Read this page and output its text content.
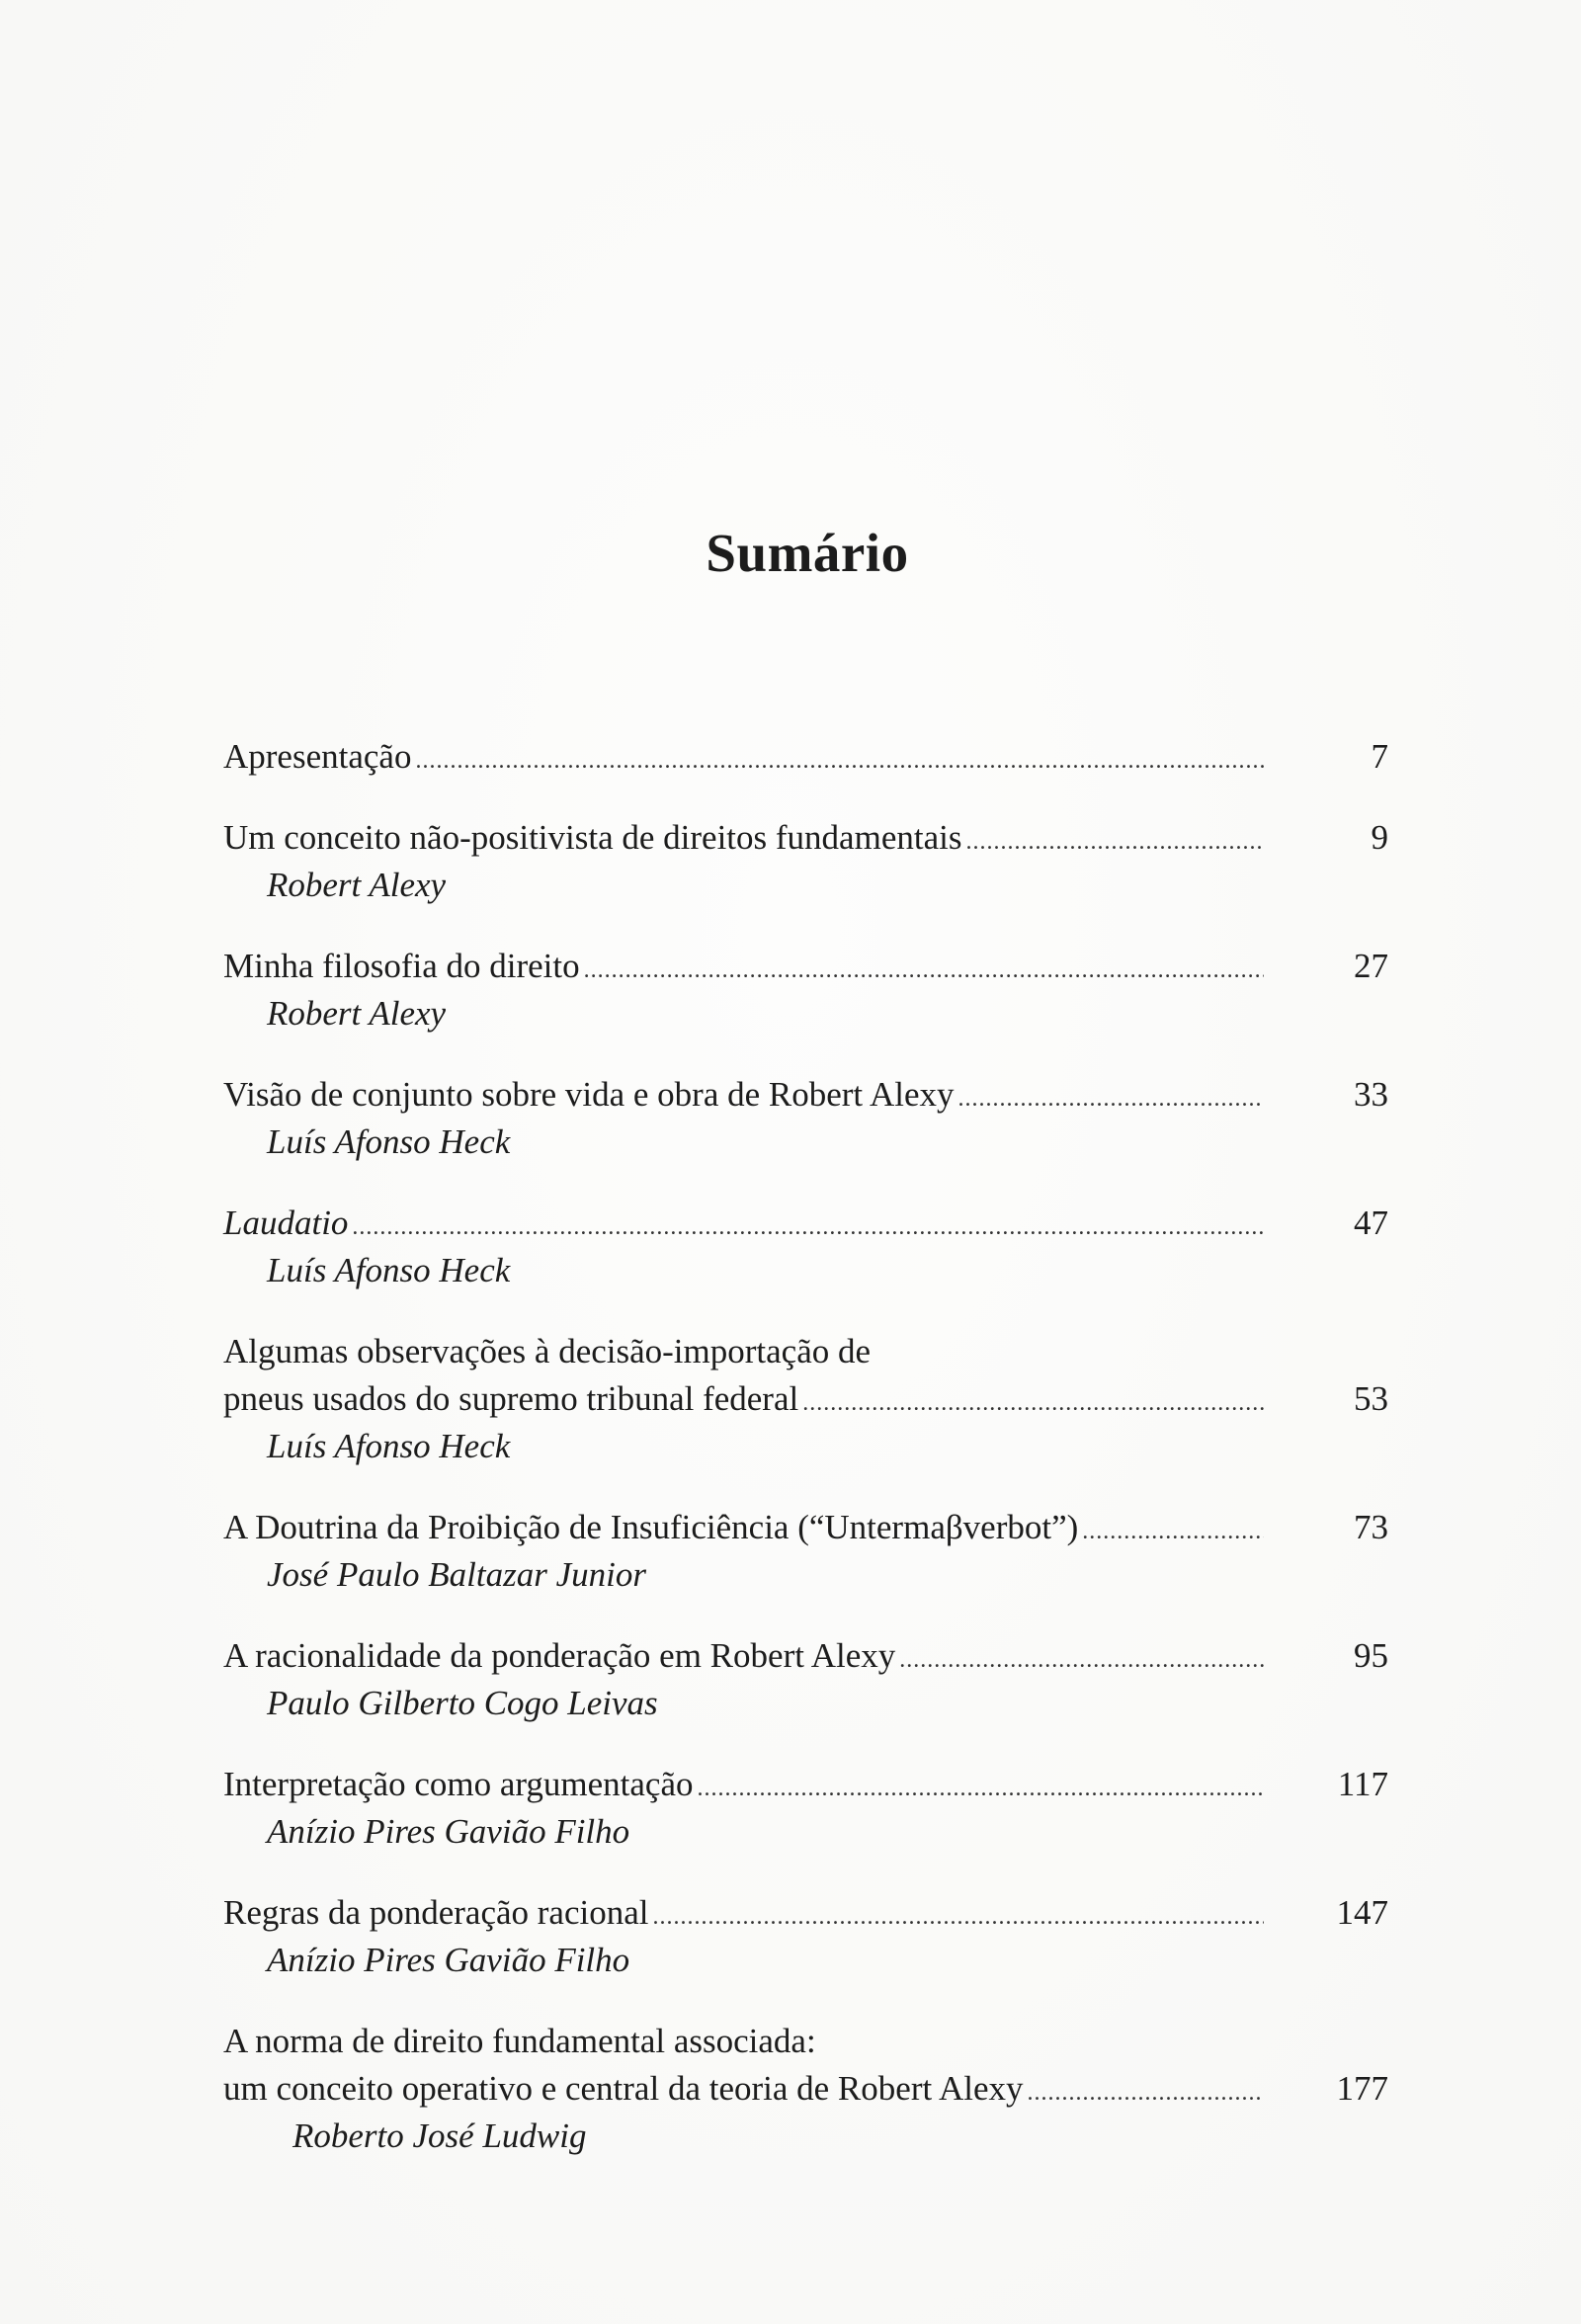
Sumário
Apresentação .....	7
Um conceito não-positivista de direitos fundamentais .....	9
Robert Alexy
Minha filosofia do direito .....	27
Robert Alexy
Visão de conjunto sobre vida e obra de Robert Alexy .....	33
Luís Afonso Heck
Laudatio .....	47
Luís Afonso Heck
Algumas observações à decisão-importação de
pneus usados do supremo tribunal federal .....	53
Luís Afonso Heck
A Doutrina da Proibição de Insuficiência (“Untermaβverbot”) .....	73
José Paulo Baltazar Junior
A racionalidade da ponderação em Robert Alexy .....	95
Paulo Gilberto Cogo Leivas
Interpretação como argumentação .....	117
Anízio Pires Gavião Filho
Regras da ponderação racional .....	147
Anízio Pires Gavião Filho
A norma de direito fundamental associada:
um conceito operativo e central da teoria de Robert Alexy .....	177
Roberto José Ludwig
